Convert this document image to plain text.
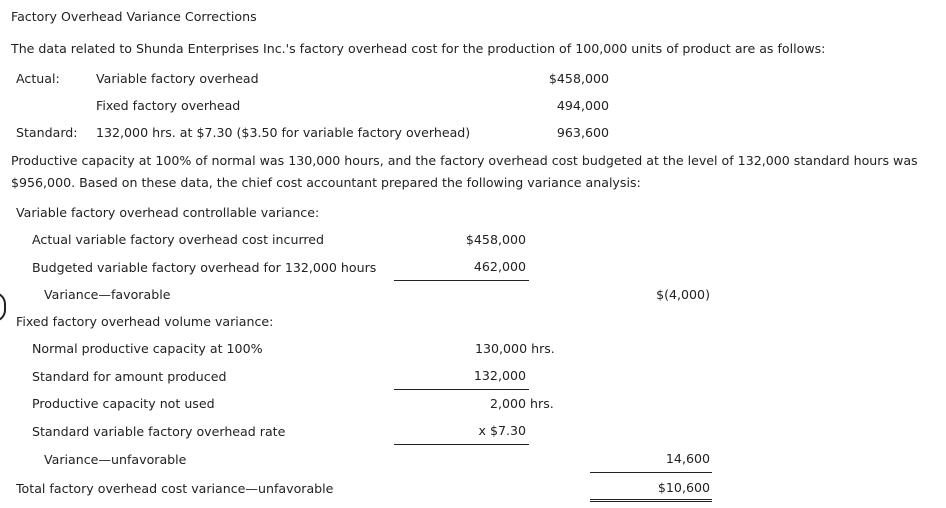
Factory Overhead Variance Corrections
The data related to Shunda Enterprises Inc.'s factory overhead cost for the production of 100,000 units of product are as follows:
Actual:	Variable factory overhead	$458,000
Fixed factory overhead	494,000
Standard: 132,000 hrs. at $7.30 ($3.50 for variable factory overhead)	963,600
Productive capacity at 100% of normal was 130,000 hours, and the factory overhead cost budgeted at the level of 132,000 standard hours was
$956,000. Based on these data, the chief cost accountant prepared the following variance analysis:
Variable factory overhead controllable variance:
Actual variable factory overhead cost incurred	$458,000
Budgeted variable factory overhead for 132,000 hours	462,000
Variance—favorable	$(4,000)
Fixed factory overhead volume variance:
Normal productive capacity at 100%	130,000 hrs.
Standard for amount produced	132,000
Productive capacity not used	2,000 hrs.
Standard variable factory overhead rate	x $7.30
Variance—unfavorable	14,600
Total factory overhead cost variance—unfavorable	$10,600
